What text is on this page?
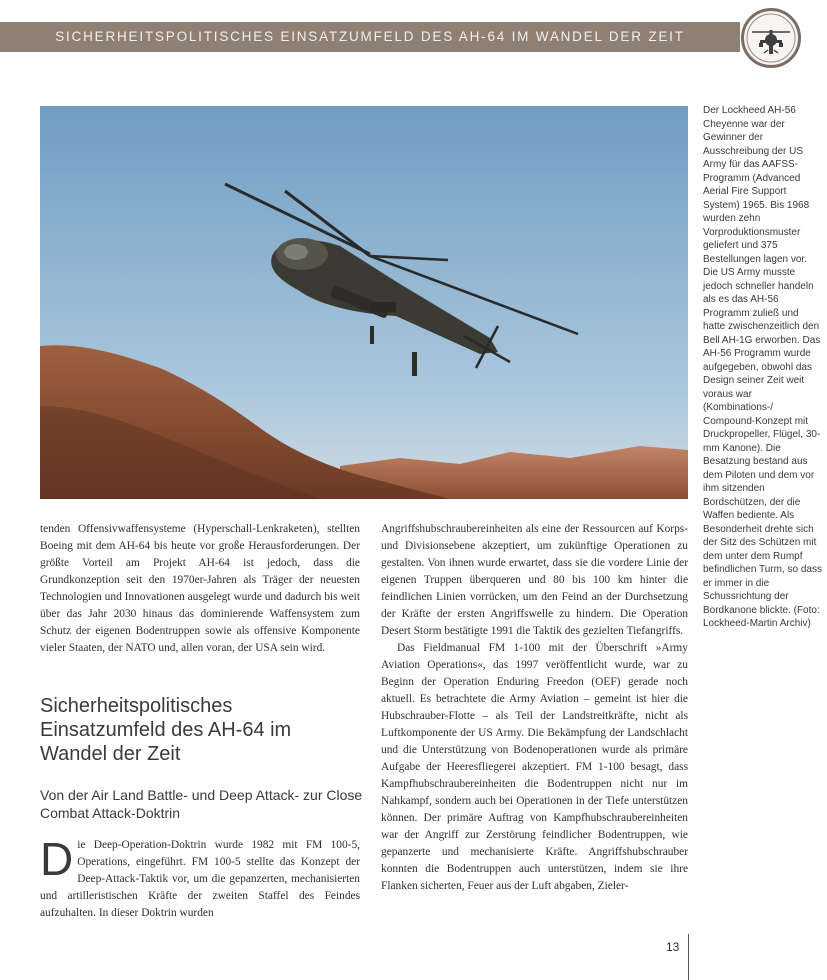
SICHERHEITSPOLITISCHES EINSATZUMFELD DES AH-64 IM WANDEL DER ZEIT

Der Lockheed AH-56 Cheyenne war der Gewinner der Ausschreibung der US Army für das AAFSS-Programm (Advanced Aerial Fire Support System) 1965. Bis 1968 wurden zehn Vorproduktionsmuster geliefert und 375 Bestellungen lagen vor. Die US Army musste jedoch schneller handeln als es das AH-56 Programm zuließ und hatte zwischenzeitlich den Bell AH-1G erworben. Das AH-56 Programm wurde aufgegeben, obwohl das Design seiner Zeit weit voraus war (Kombinations-/ Compound-Konzept mit Druckpropeller, Flügel, 30-mm Kanone). Die Besatzung bestand aus dem Piloten und dem vor ihm sitzenden Bordschützen, der die Waffen bediente. Als Besonderheit drehte sich der Sitz des Schützen mit dem unter dem Rumpf befindlichen Turm, so dass er immer in die Schussrichtung der Bordkanone blickte. (Foto: Lockheed-Martin Archiv)

tenden Offensivwaffensysteme (Hyperschall-Lenkraketen), stellten Boeing mit dem AH-64 bis heute vor große Herausforderungen. Der größte Vorteil am Projekt AH-64 ist jedoch, dass die Grundkonzeption seit den 1970er-Jahren als Träger der neuesten Technologien und Innovationen ausgelegt wurde und dadurch bis weit über das Jahr 2030 hinaus das dominierende Waffensystem zum Schutz der eigenen Bodentruppen sowie als offensive Komponente vieler Staaten, der NATO und, allen voran, der USA sein wird.

Sicherheitspolitisches Einsatzumfeld des AH-64 im Wandel der Zeit
Von der Air Land Battle- und Deep Attack- zur Close Combat Attack-Doktrin
D ie Deep-Operation-Doktrin wurde 1982 mit FM 100-5, Operations, eingeführt. FM 100-5 stellte das Konzept der Deep-Attack-Taktik vor, um die gepanzerten, mechanisierten und artilleristischen Kräfte der zweiten Staffel des Feindes aufzuhalten. In dieser Doktrin wurden

Angriffshubschraubereinheiten als eine der Ressourcen auf Korps- und Divisionsebene akzeptiert, um zukünftige Operationen zu gestalten. Von ihnen wurde erwartet, dass sie die vordere Linie der eigenen Truppen überqueren und 80 bis 100 km hinter die feindlichen Linien vorrücken, um den Feind an der Durchsetzung der Kräfte der ersten Angriffswelle zu hindern. Die Operation Desert Storm bestätigte 1991 die Taktik des gezielten Tiefangriffs.

Das Fieldmanual FM 1-100 mit der Überschrift »Army Aviation Operations«, das 1997 veröffentlicht wurde, war zu Beginn der Operation Enduring Freedon (OEF) gerade noch aktuell. Es betrachtete die Army Aviation – gemeint ist hier die Hubschrauber-Flotte – als Teil der Landstreitkräfte, nicht als Luftkomponente der US Army. Die Bekämpfung der Landschlacht und die Unterstützung von Bodenoperationen wurde als primäre Aufgabe der Heeresfliegerei akzeptiert. FM 1-100 besagt, dass Kampfhubschraubereinheiten die Bodentruppen nicht nur im Nahkampf, sondern auch bei Operationen in der Tiefe unterstützen können. Der primäre Auftrag von Kampfhubschraubereinheiten war der Angriff zur Zerstörung feindlicher Bodentruppen, wie gepanzerte und mechanisierte Kräfte. Angriffshubschrauber konnten die Bodentruppen auch unterstützen, indem sie ihre Flanken sicherten, Feuer aus der Luft abgaben, Zieler-

13
